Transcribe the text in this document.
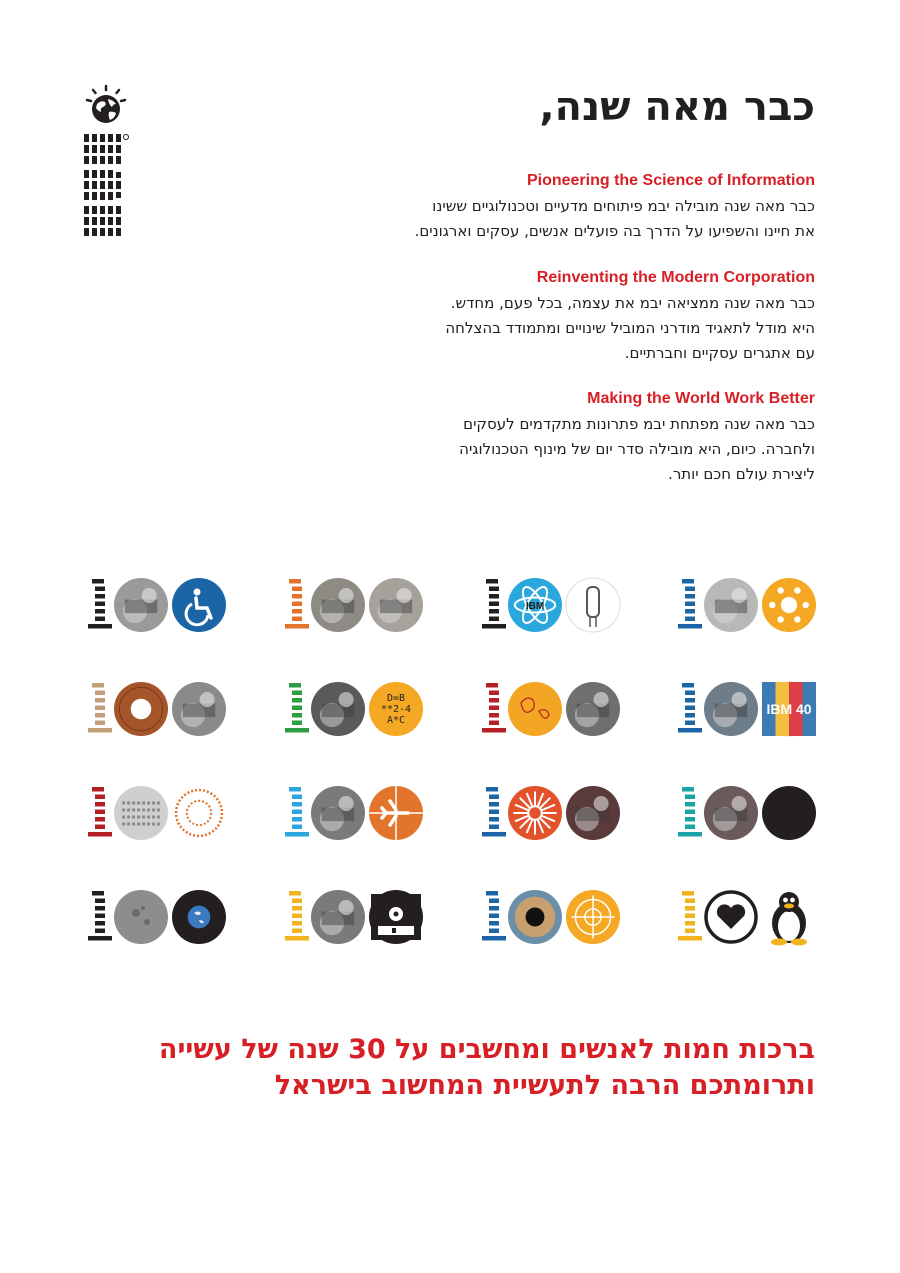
כבר מאה שנה,
Pioneering the Science of Information

כבר מאה שנה מובילה יבמ פיתוחים מדעיים וטכנולוגיים ששינו
את חיינו והשפיעו על הדרך בה פועלים אנשים, עסקים וארגונים.

Reinventing the Modern Corporation

כבר מאה שנה ממציאה יבמ את עצמה, בכל פעם, מחדש.
היא מודל לתאגיד מודרני המוביל שינויים ומתמודד בהצלחה
עם אתגרים עסקיים וחברתיים.

Making the World Work Better

כבר מאה שנה מפתחת יבמ פתרונות מתקדמים לעסקים
ולחברה. כיום, היא מובילה סדר יום של מינוף הטכנולוגיה
ליצירת עולם חכם יותר.

IBM
D=B
**2-4
A*C
IBM 40
ברכות חמות לאנשים ומחשבים על 30 שנה של עשייה
ותרומתכם הרבה לתעשיית המחשוב בישראל
